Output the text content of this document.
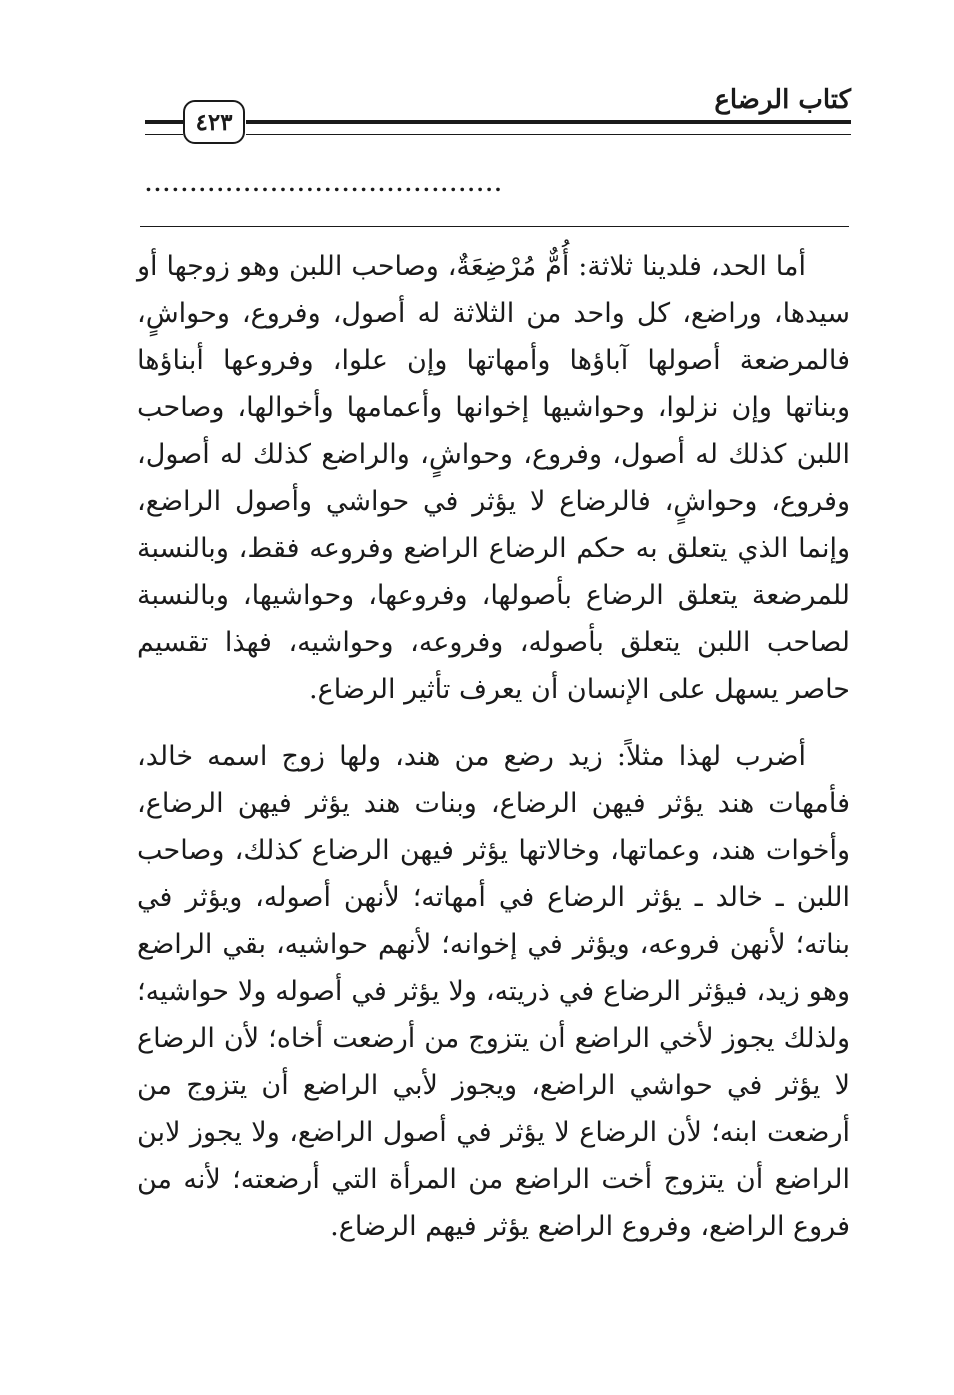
كتاب الرضاع
٤٢٣
........................................

أما الحد، فلدينا ثلاثة: أُمٌّ مُرْضِعَةٌ، وصاحب اللبن وهو زوجها أو سيدها، وراضع، كل واحد من الثلاثة له أصول، وفروع، وحواشٍ، فالمرضعة أصولها آباؤها وأمهاتها وإن علوا، وفروعها أبناؤها وبناتها وإن نزلوا، وحواشيها إخوانها وأعمامها وأخوالها، وصاحب اللبن كذلك له أصول، وفروع، وحواشٍ، والراضع كذلك له أصول، وفروع، وحواشٍ، فالرضاع لا يؤثر في حواشي وأصول الراضع، وإنما الذي يتعلق به حكم الرضاع الراضع وفروعه فقط، وبالنسبة للمرضعة يتعلق الرضاع بأصولها، وفروعها، وحواشيها، وبالنسبة لصاحب اللبن يتعلق بأصوله، وفروعه، وحواشيه، فهذا تقسيم حاصر يسهل على الإنسان أن يعرف تأثير الرضاع.

أضرب لهذا مثلاً: زيد رضع من هند، ولها زوج اسمه خالد، فأمهات هند يؤثر فيهن الرضاع، وبنات هند يؤثر فيهن الرضاع، وأخوات هند، وعماتها، وخالاتها يؤثر فيهن الرضاع كذلك، وصاحب اللبن ـ خالد ـ يؤثر الرضاع في أمهاته؛ لأنهن أصوله، ويؤثر في بناته؛ لأنهن فروعه، ويؤثر في إخوانه؛ لأنهم حواشيه، بقي الراضع وهو زيد، فيؤثر الرضاع في ذريته، ولا يؤثر في أصوله ولا حواشيه؛ ولذلك يجوز لأخي الراضع أن يتزوج من أرضعت أخاه؛ لأن الرضاع لا يؤثر في حواشي الراضع، ويجوز لأبي الراضع أن يتزوج من أرضعت ابنه؛ لأن الرضاع لا يؤثر في أصول الراضع، ولا يجوز لابن الراضع أن يتزوج أخت الراضع من المرأة التي أرضعته؛ لأنه من فروع الراضع، وفروع الراضع يؤثر فيهم الرضاع.
